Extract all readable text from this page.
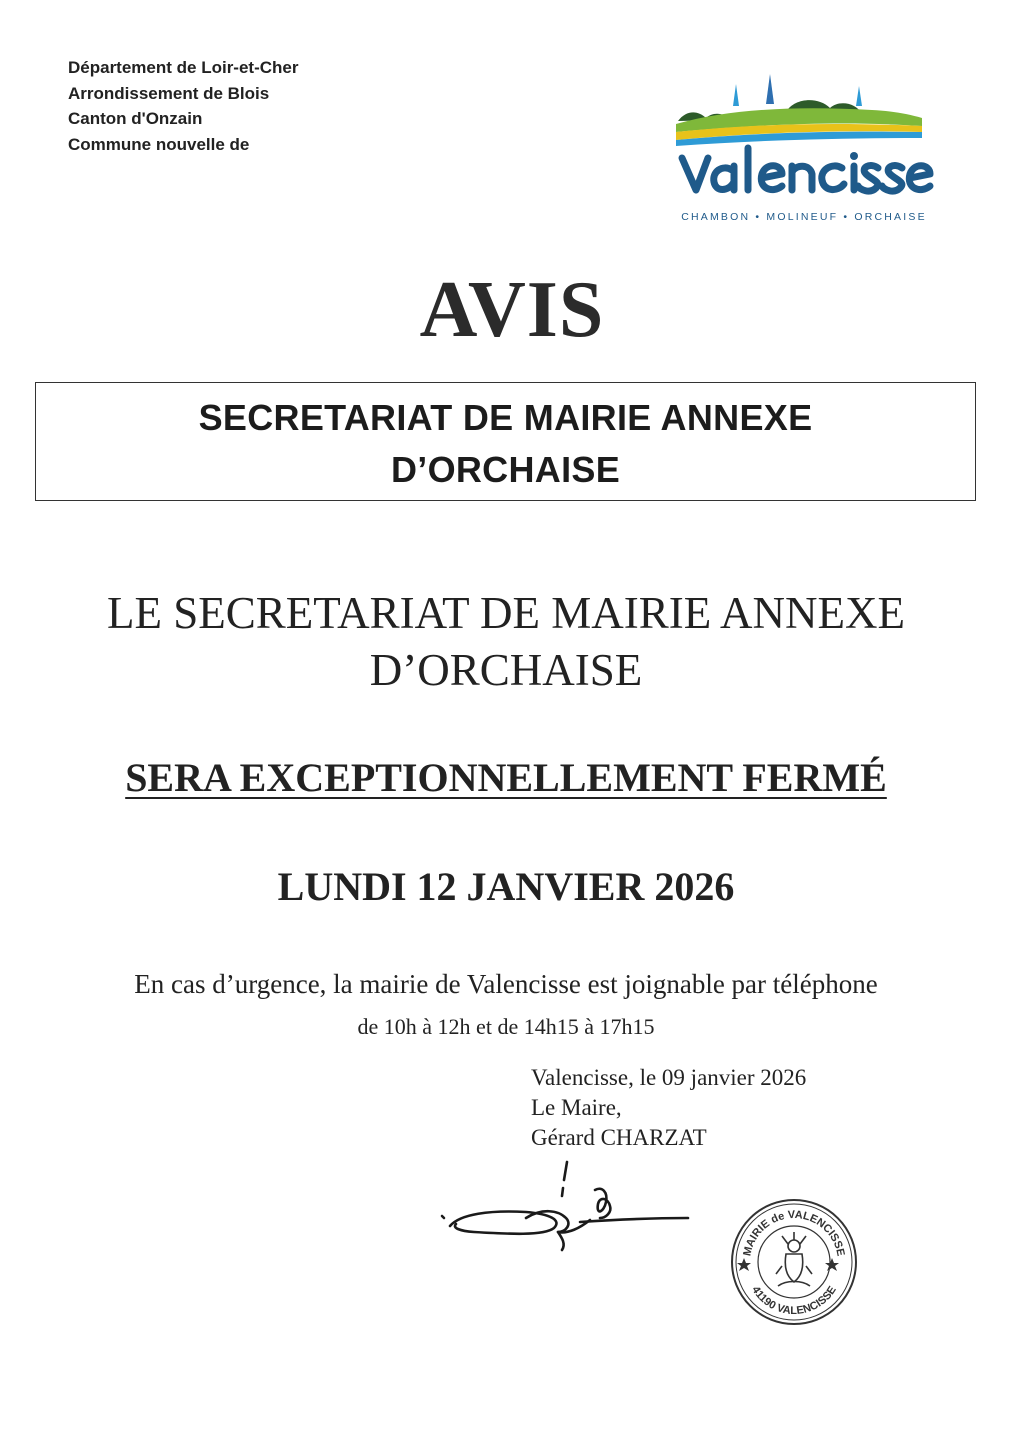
Département de Loir-et-Cher
Arrondissement de Blois
Canton d'Onzain
Commune nouvelle de
CHAMBON • MOLINEUF • ORCHAISE
AVIS
SECRETARIAT DE MAIRIE ANNEXE
D’ORCHAISE
LE SECRETARIAT DE MAIRIE ANNEXE
D’ORCHAISE
SERA EXCEPTIONNELLEMENT FERMÉ
LUNDI 12 JANVIER 2026
En cas d’urgence, la mairie de Valencisse est joignable par téléphone
de 10h à 12h et de 14h15 à 17h15
Valencisse, le 09 janvier 2026
Le Maire,
Gérard CHARZAT
MAIRIE de VALENCISSE
41190 VALENCISSE
